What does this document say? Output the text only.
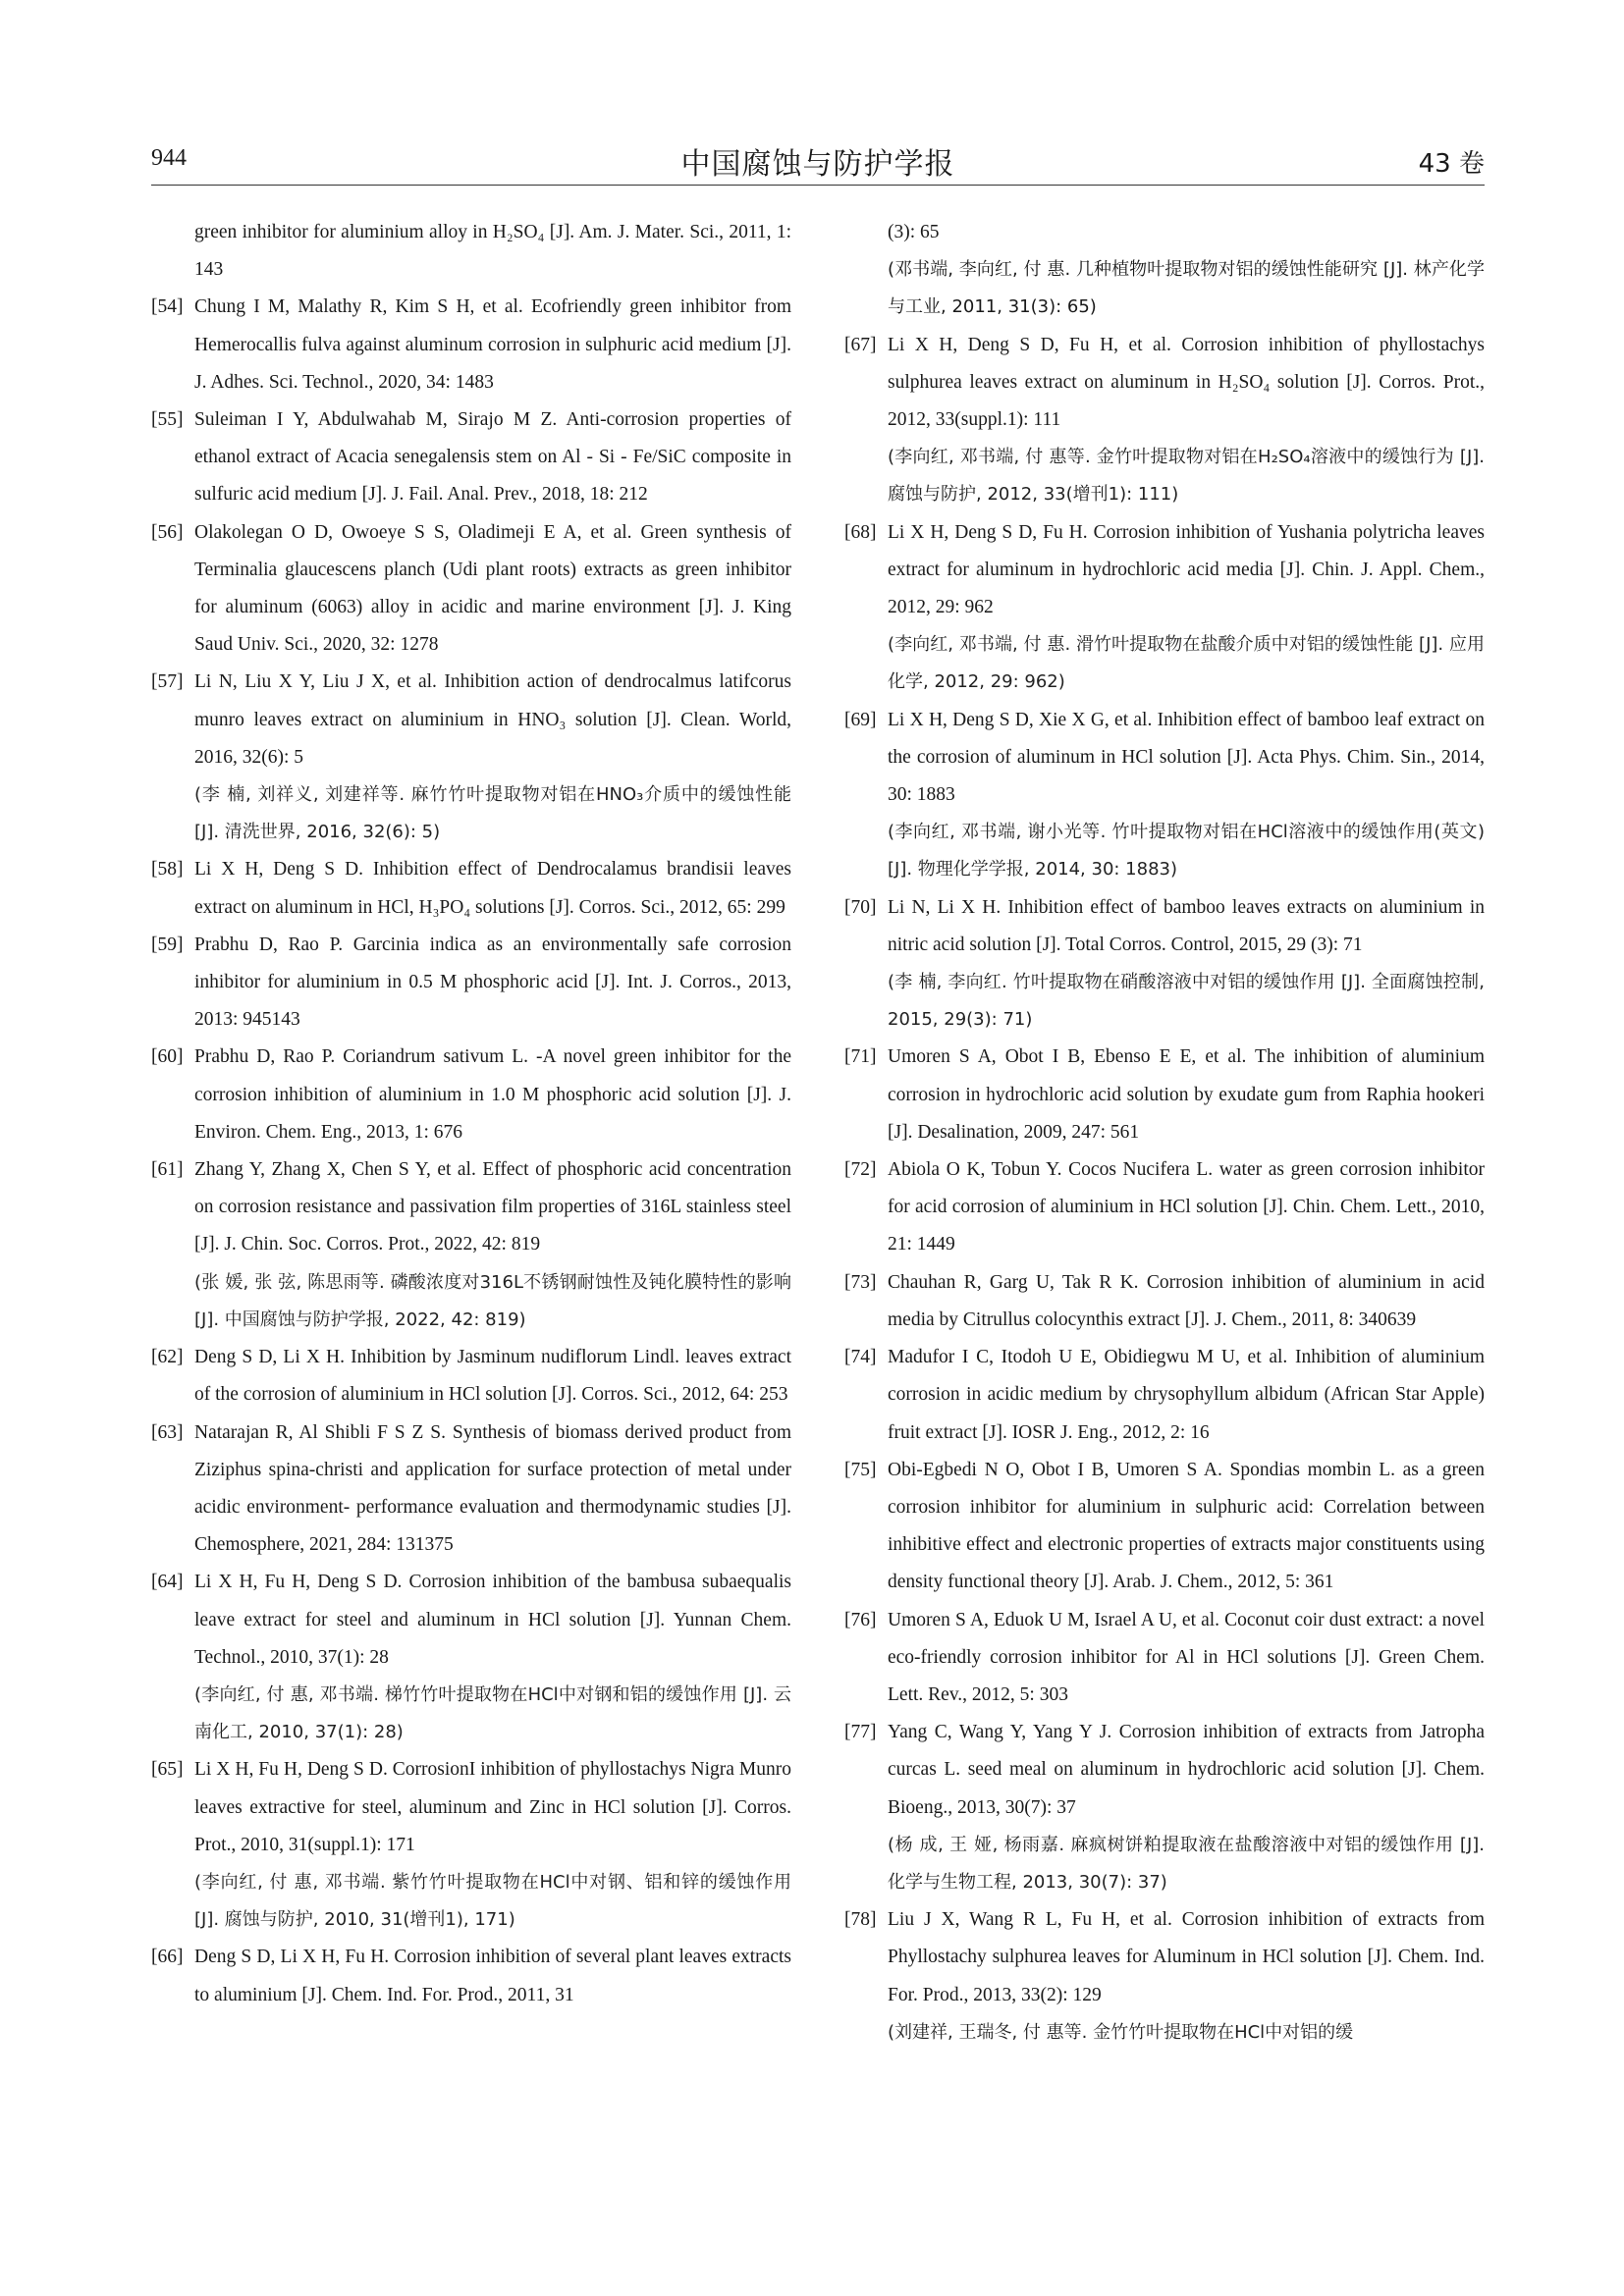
944	中国腐蚀与防护学报	43 卷
green inhibitor for aluminium alloy in H₂SO₄ [J]. Am. J. Mater. Sci., 2011, 1: 143
[54] Chung I M, Malathy R, Kim S H, et al. Ecofriendly green inhibitor from Hemerocallis fulva against aluminum corrosion in sulphuric acid medium [J]. J. Adhes. Sci. Technol., 2020, 34: 1483
[55] Suleiman I Y, Abdulwahab M, Sirajo M Z. Anti-corrosion properties of ethanol extract of Acacia senegalensis stem on Al - Si - Fe/SiC composite in sulfuric acid medium [J]. J. Fail. Anal. Prev., 2018, 18: 212
[56] Olakolegan O D, Owoeye S S, Oladimeji E A, et al. Green synthesis of Terminalia glaucescens planch (Udi plant roots) extracts as green inhibitor for aluminum (6063) alloy in acidic and marine environment [J]. J. King Saud Univ. Sci., 2020, 32: 1278
[57] Li N, Liu X Y, Liu J X, et al. Inhibition action of dendrocalmus latifcorus munro leaves extract on aluminium in HNO₃ solution [J]. Clean. World, 2016, 32(6): 5
(李 楠, 刘祥义, 刘建祥等. 麻竹竹叶提取物对铝在HNO₃介质中的缓蚀性能 [J]. 清洗世界, 2016, 32(6): 5)
[58] Li X H, Deng S D. Inhibition effect of Dendrocalamus brandisii leaves extract on aluminum in HCl, H₃PO₄ solutions [J]. Corros. Sci., 2012, 65: 299
[59] Prabhu D, Rao P. Garcinia indica as an environmentally safe corrosion inhibitor for aluminium in 0.5 M phosphoric acid [J]. Int. J. Corros., 2013, 2013: 945143
[60] Prabhu D, Rao P. Coriandrum sativum L. -A novel green inhibitor for the corrosion inhibition of aluminium in 1.0 M phosphoric acid solution [J]. J. Environ. Chem. Eng., 2013, 1: 676
[61] Zhang Y, Zhang X, Chen S Y, et al. Effect of phosphoric acid concentration on corrosion resistance and passivation film properties of 316L stainless steel [J]. J. Chin. Soc. Corros. Prot., 2022, 42: 819
(张 媛, 张 弦, 陈思雨等. 磷酸浓度对316L不锈钢耐蚀性及钝化膜特性的影响 [J]. 中国腐蚀与防护学报, 2022, 42: 819)
[62] Deng S D, Li X H. Inhibition by Jasminum nudiflorum Lindl. leaves extract of the corrosion of aluminium in HCl solution [J]. Corros. Sci., 2012, 64: 253
[63] Natarajan R, Al Shibli F S Z S. Synthesis of biomass derived product from Ziziphus spina-christi and application for surface protection of metal under acidic environment- performance evaluation and thermodynamic studies [J]. Chemosphere, 2021, 284: 131375
[64] Li X H, Fu H, Deng S D. Corrosion inhibition of the bambusa subaequalis leave extract for steel and aluminum in HCl solution [J]. Yunnan Chem. Technol., 2010, 37(1): 28
(李向红, 付 惠, 邓书端. 梯竹竹叶提取物在HCl中对钢和铝的缓蚀作用 [J]. 云南化工, 2010, 37(1): 28)
[65] Li X H, Fu H, Deng S D. CorrosionI inhibition of phyllostachys Nigra Munro leaves extractive for steel, aluminum and Zinc in HCl solution [J]. Corros. Prot., 2010, 31(suppl.1): 171
(李向红, 付 惠, 邓书端. 紫竹竹叶提取物在HCl中对钢、铝和锌的缓蚀作用 [J]. 腐蚀与防护, 2010, 31(增刊1), 171)
[66] Deng S D, Li X H, Fu H. Corrosion inhibition of several plant leaves extracts to aluminium [J]. Chem. Ind. For. Prod., 2011, 31
(3): 65
(邓书端, 李向红, 付 惠. 几种植物叶提取物对铝的缓蚀性能研究 [J]. 林产化学与工业, 2011, 31(3): 65)
[67] Li X H, Deng S D, Fu H, et al. Corrosion inhibition of phyllostachys sulphurea leaves extract on aluminum in H₂SO₄ solution [J]. Corros. Prot., 2012, 33(suppl.1): 111
(李向红, 邓书端, 付 惠等. 金竹叶提取物对铝在H₂SO₄溶液中的缓蚀行为 [J]. 腐蚀与防护, 2012, 33(增刊1): 111)
[68] Li X H, Deng S D, Fu H. Corrosion inhibition of Yushania polytricha leaves extract for aluminum in hydrochloric acid media [J]. Chin. J. Appl. Chem., 2012, 29: 962
(李向红, 邓书端, 付 惠. 滑竹叶提取物在盐酸介质中对铝的缓蚀性能 [J]. 应用化学, 2012, 29: 962)
[69] Li X H, Deng S D, Xie X G, et al. Inhibition effect of bamboo leaf extract on the corrosion of aluminum in HCl solution [J]. Acta Phys. Chim. Sin., 2014, 30: 1883
(李向红, 邓书端, 谢小光等. 竹叶提取物对铝在HCl溶液中的缓蚀作用(英文) [J]. 物理化学学报, 2014, 30: 1883)
[70] Li N, Li X H. Inhibition effect of bamboo leaves extracts on aluminium in nitric acid solution [J]. Total Corros. Control, 2015, 29 (3): 71
(李 楠, 李向红. 竹叶提取物在硝酸溶液中对铝的缓蚀作用 [J]. 全面腐蚀控制, 2015, 29(3): 71)
[71] Umoren S A, Obot I B, Ebenso E E, et al. The inhibition of aluminium corrosion in hydrochloric acid solution by exudate gum from Raphia hookeri [J]. Desalination, 2009, 247: 561
[72] Abiola O K, Tobun Y. Cocos Nucifera L. water as green corrosion inhibitor for acid corrosion of aluminium in HCl solution [J]. Chin. Chem. Lett., 2010, 21: 1449
[73] Chauhan R, Garg U, Tak R K. Corrosion inhibition of aluminium in acid media by Citrullus colocynthis extract [J]. J. Chem., 2011, 8: 340639
[74] Madufor I C, Itodoh U E, Obidiegwu M U, et al. Inhibition of aluminium corrosion in acidic medium by chrysophyllum albidum (African Star Apple) fruit extract [J]. IOSR J. Eng., 2012, 2: 16
[75] Obi-Egbedi N O, Obot I B, Umoren S A. Spondias mombin L. as a green corrosion inhibitor for aluminium in sulphuric acid: Correlation between inhibitive effect and electronic properties of extracts major constituents using density functional theory [J]. Arab. J. Chem., 2012, 5: 361
[76] Umoren S A, Eduok U M, Israel A U, et al. Coconut coir dust extract: a novel eco-friendly corrosion inhibitor for Al in HCl solutions [J]. Green Chem. Lett. Rev., 2012, 5: 303
[77] Yang C, Wang Y, Yang Y J. Corrosion inhibition of extracts from Jatropha curcas L. seed meal on aluminum in hydrochloric acid solution [J]. Chem. Bioeng., 2013, 30(7): 37
(杨 成, 王 娅, 杨雨嘉. 麻疯树饼粕提取液在盐酸溶液中对铝的缓蚀作用 [J]. 化学与生物工程, 2013, 30(7): 37)
[78] Liu J X, Wang R L, Fu H, et al. Corrosion inhibition of extracts from Phyllostachy sulphurea leaves for Aluminum in HCl solution [J]. Chem. Ind. For. Prod., 2013, 33(2): 129
(刘建祥, 王瑞冬, 付 惠等. 金竹竹叶提取物在HCl中对铝的缓
